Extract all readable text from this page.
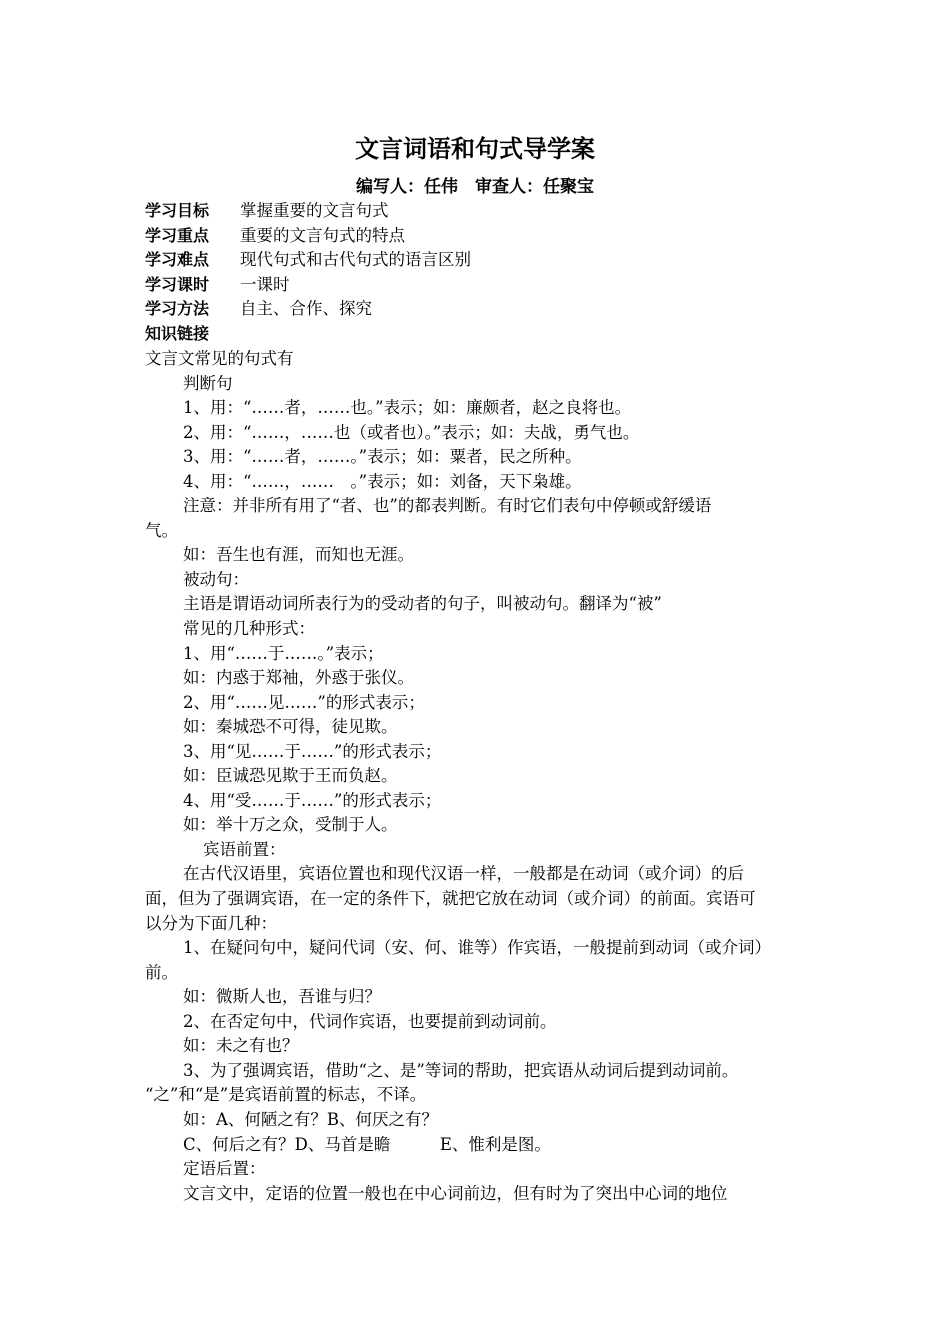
文言词语和句式导学案
编写人：任伟　审查人：任聚宝
学习目标 掌握重要的文言句式
学习重点 重要的文言句式的特点
学习难点 现代句式和古代句式的语言区别
学习课时 一课时
学习方法 自主、合作、探究
知识链接
文言文常见的句式有
判断句
1、用：“……者，……也。”表示；如：廉颇者，赵之良将也。
2、用：“……，……也（或者也）。”表示；如：夫战，勇气也。
3、用：“……者，……。”表示；如：粟者，民之所种。
4、用：“……，……　。”表示；如：刘备，天下枭雄。
注意：并非所有用了“者、也”的都表判断。有时它们表句中停顿或舒缓语
气。
如：吾生也有涯，而知也无涯。
被动句：
主语是谓语动词所表行为的受动者的句子，叫被动句。翻译为“被”
常见的几种形式：
1、用“……于……。”表示；
如：内惑于郑袖，外惑于张仪。
2、用“……见……”的形式表示；
如：秦城恐不可得，徒见欺。
3、用“见……于……”的形式表示；
如：臣诚恐见欺于王而负赵。
4、用“受……于……”的形式表示；
如：举十万之众，受制于人。
宾语前置：
在古代汉语里，宾语位置也和现代汉语一样，一般都是在动词（或介词）的后
面，但为了强调宾语，在一定的条件下，就把它放在动词（或介词）的前面。宾语可
以分为下面几种：
1、在疑问句中，疑问代词（安、何、谁等）作宾语，一般提前到动词（或介词）
前。
如：微斯人也，吾谁与归？
2、在否定句中，代词作宾语，也要提前到动词前。
如：未之有也？
3、为了强调宾语，借助“之、是”等词的帮助，把宾语从动词后提到动词前。
“之”和“是”是宾语前置的标志，不译。
如：A、何陋之有？B、何厌之有？
C、何后之有？D、马首是瞻　　　E、惟利是图。
定语后置：
文言文中，定语的位置一般也在中心词前边，但有时为了突出中心词的地位
